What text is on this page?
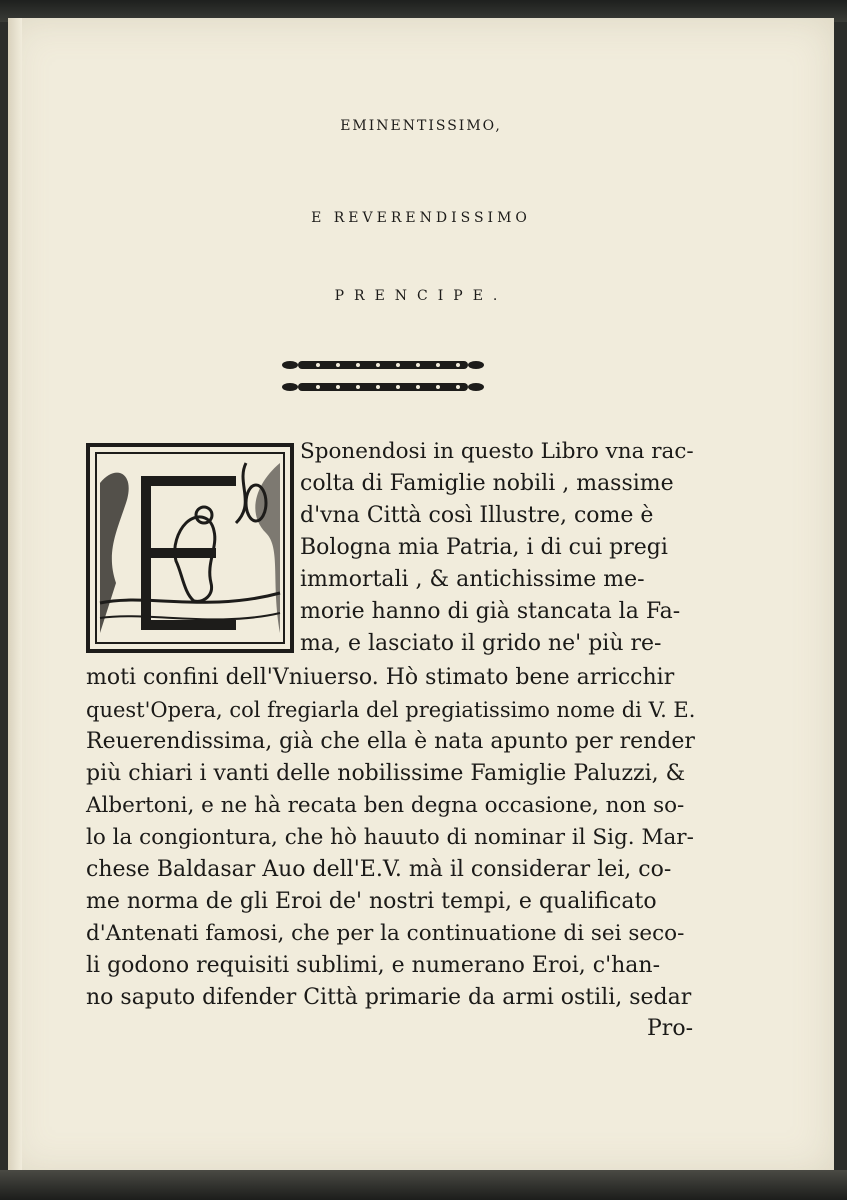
EMINENTISSIMO,
E REVERENDISSIMO
PRENCIPE.
Sponendosi in questo Libro vna rac-
colta di Famiglie nobili , massime
d'vna Città così Illustre, come è
Bologna mia Patria, i di cui pregi
immortali , & antichissime me-
morie hanno di già stancata la Fa-
ma, e lasciato il grido ne' più re-
moti confini dell'Vniuerso. Hò stimato bene arricchir
quest'Opera, col fregiarla del pregiatissimo nome di V. E.
Reuerendissima, già che ella è nata apunto per render
più chiari i vanti delle nobilissime Famiglie Paluzzi, &
Albertoni, e ne hà recata ben degna occasione, non so-
lo la congiontura, che hò hauuto di nominar il Sig. Mar-
chese Baldasar Auo dell'E.V. mà il considerar lei, co-
me norma de gli Eroi de' nostri tempi, e qualificato
d'Antenati famosi, che per la continuatione di sei seco-
li godono requisiti sublimi, e numerano Eroi, c'han-
no saputo difender Città primarie da armi ostili, sedar
Pro-
